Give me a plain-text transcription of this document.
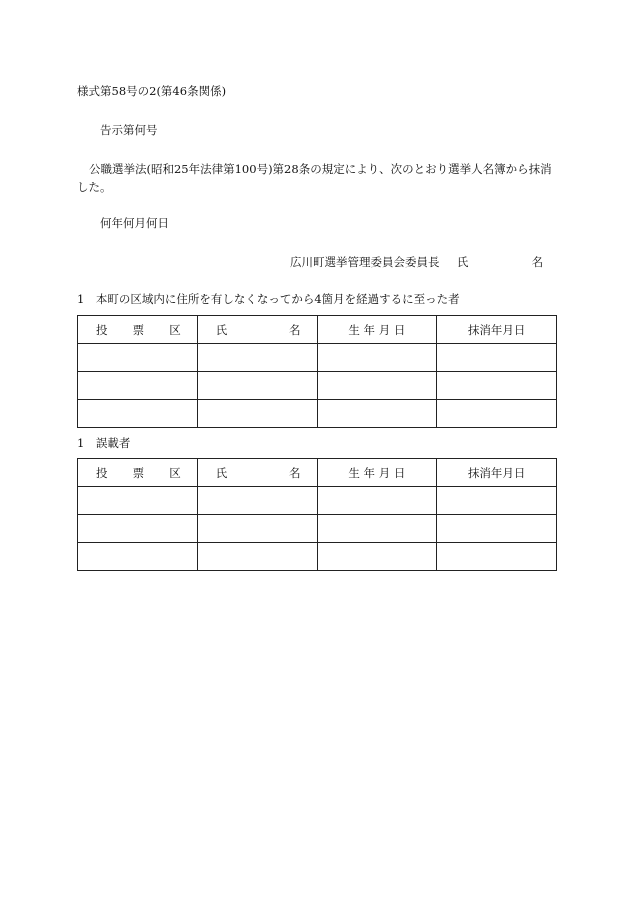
様式第58号の2(第46条関係)

告示第何号

公職選挙法(昭和25年法律第100号)第28条の規定により、次のとおり選挙人名簿から抹消した。

何年何月何日

広川町選挙管理委員会委員長 氏	名

1　本町の区域内に住所を有しなくなってから4箇月を経過するに至った者

投　票　区	氏　　　名	生 年 月 日	抹消年月日

1　誤載者

投　票　区	氏　　　名	生 年 月 日	抹消年月日
